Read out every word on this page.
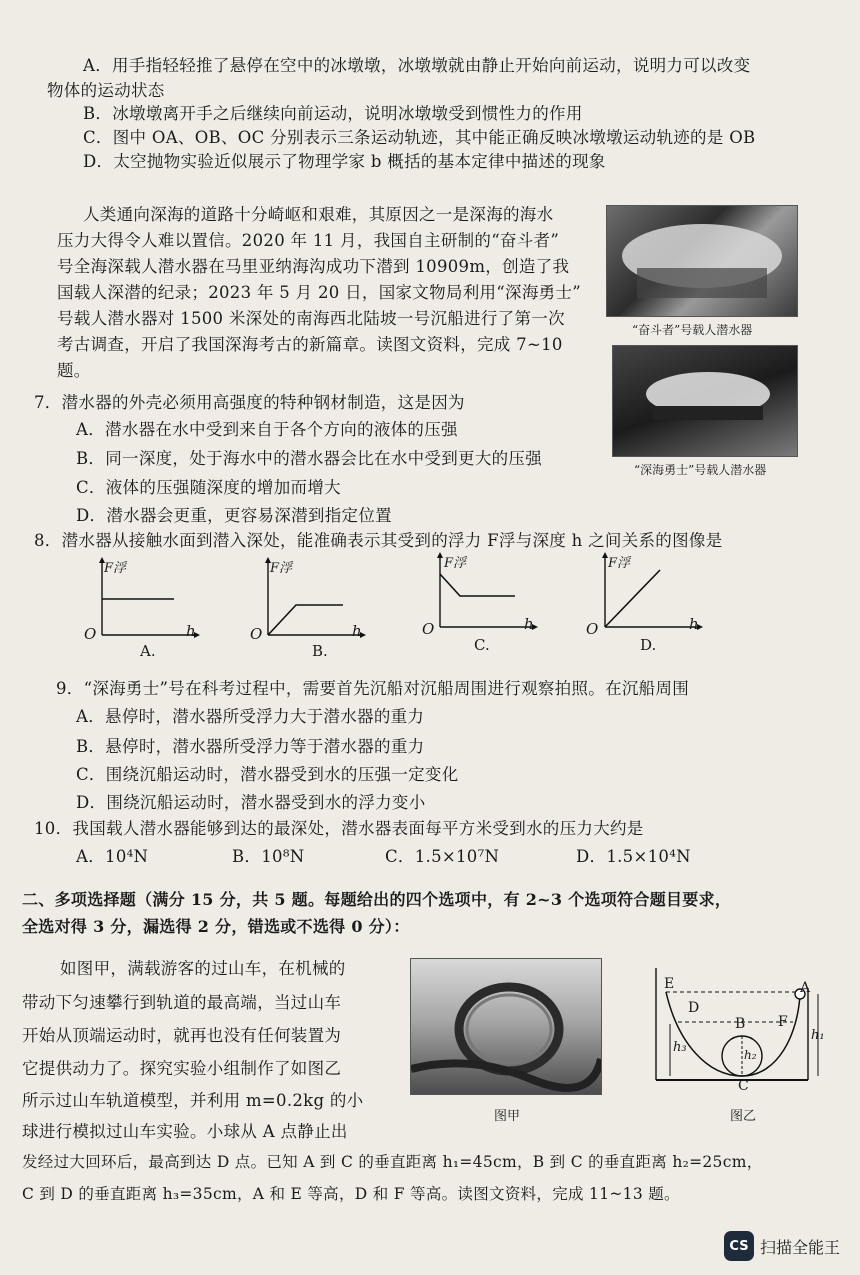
A．用手指轻轻推了悬停在空中的冰墩墩，冰墩墩就由静止开始向前运动，说明力可以改变
物体的运动状态
B．冰墩墩离开手之后继续向前运动，说明冰墩墩受到惯性力的作用
C．图中 OA、OB、OC 分别表示三条运动轨迹，其中能正确反映冰墩墩运动轨迹的是 OB
D．太空抛物实验近似展示了物理学家 b 概括的基本定律中描述的现象
人类通向深海的道路十分崎岖和艰难，其原因之一是深海的海水
压力大得令人难以置信。2020 年 11 月，我国自主研制的“奋斗者”
号全海深载人潜水器在马里亚纳海沟成功下潜到 10909m，创造了我
国载人深潜的纪录；2023 年 5 月 20 日，国家文物局利用“深海勇士”
号载人潜水器对 1500 米深处的南海西北陆坡一号沉船进行了第一次
考古调查，开启了我国深海考古的新篇章。读图文资料，完成 7~10
题。
“奋斗者”号载人潜水器
“深海勇士”号载人潜水器
7．潜水器的外壳必须用高强度的特种钢材制造，这是因为
A．潜水器在水中受到来自于各个方向的液体的压强
B．同一深度，处于海水中的潜水器会比在水中受到更大的压强
C．液体的压强随深度的增加而增大
D．潜水器会更重，更容易深潜到指定位置
8．潜水器从接触水面到潜入深处，能准确表示其受到的浮力 F浮与深度 h 之间关系的图像是
F浮
O	h
A.
F浮
O	h
B.
F浮
O	h
C.
F浮
O	h
D.
9．“深海勇士”号在科考过程中，需要首先沉船对沉船周围进行观察拍照。在沉船周围
A．悬停时，潜水器所受浮力大于潜水器的重力
B．悬停时，潜水器所受浮力等于潜水器的重力
C．围绕沉船运动时，潜水器受到水的压强一定变化
D．围绕沉船运动时，潜水器受到水的浮力变小
10．我国载人潜水器能够到达的最深处，潜水器表面每平方米受到水的压力大约是
A．10⁴N	B．10⁸N	C．1.5×10⁷N	D．1.5×10⁴N
二、多项选择题（满分 15 分，共 5 题。每题给出的四个选项中，有 2~3 个选项符合题目要求，
全选对得 3 分，漏选得 2 分，错选或不选得 0 分）：
如图甲，满载游客的过山车，在机械的
带动下匀速攀行到轨道的最高端，当过山车
开始从顶端运动时，就再也没有任何装置为
它提供动力了。探究实验小组制作了如图乙
所示过山车轨道模型，并利用 m=0.2kg 的小
球进行模拟过山车实验。小球从 A 点静止出
发经过大回环后，最高到达 D 点。已知 A 到 C 的垂直距离 h₁=45cm，B 到 C 的垂直距离 h₂=25cm，
C 到 D 的垂直距离 h₃=35cm，A 和 E 等高，D 和 F 等高。读图文资料，完成 11~13 题。
图甲
A
E
D
F
B
C
h₁
h₂
h₃
图乙
CS 扫描全能王
